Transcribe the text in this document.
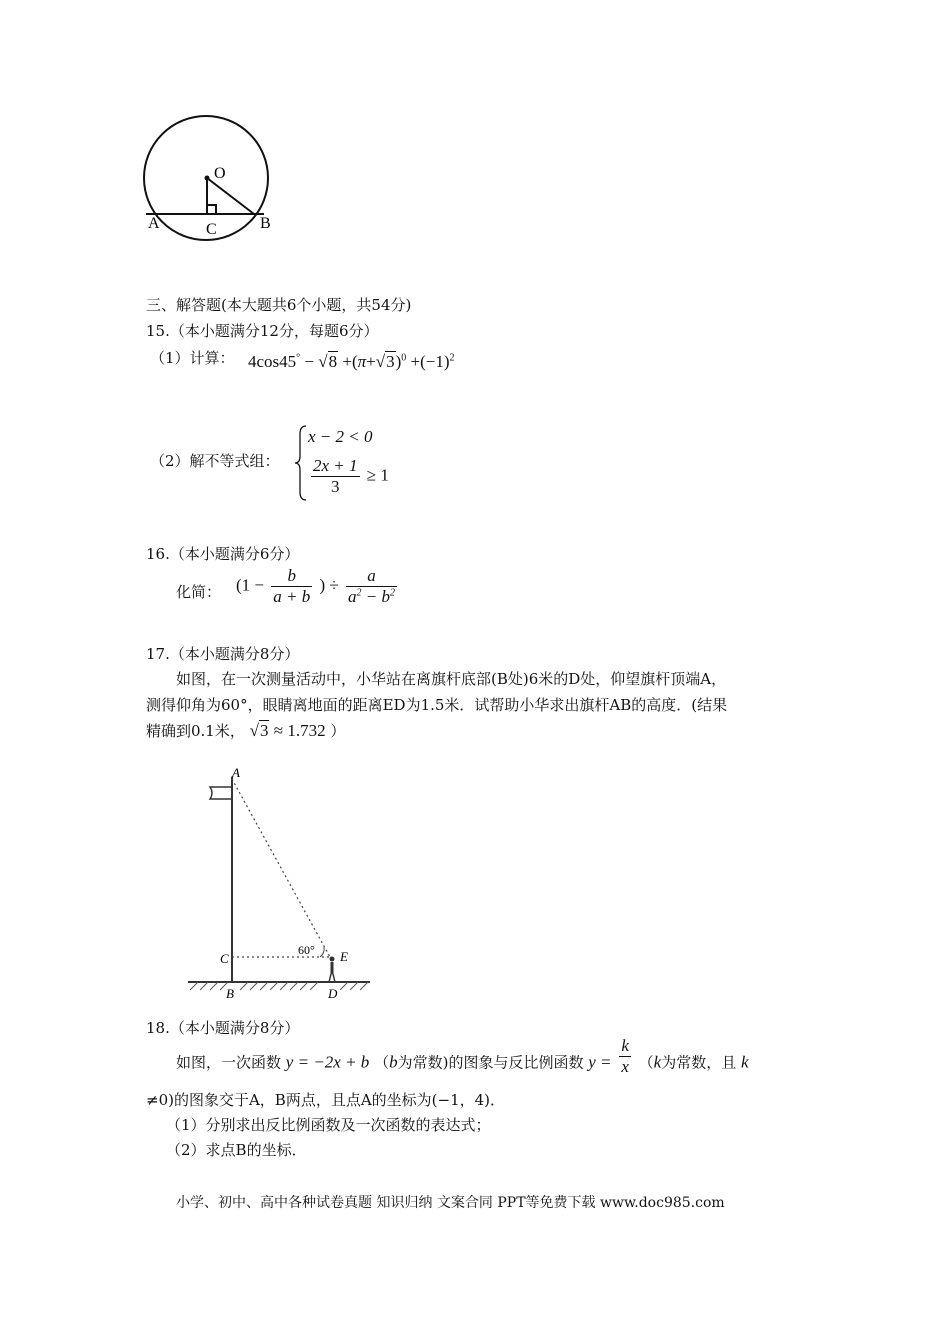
O
A	B
C
三、解答题(本大题共6个小题，共54分)
15.（本小题满分12分，每题6分）
（1）计算： $4\cos 45^\circ - √8 +(\pi+√3)^0 +(-1)^2$
（2）解不等式组：
x − 2 < 0
$\frac{2x + 1}{3} \ge 1$
16.（本小题满分6分）
化简： ($1 - \frac{b}{a + b}$ ) ÷ $\frac{a}{a^2 - b^2}$
17.（本小题满分8分）
如图，在一次测量活动中，小华站在离旗杆底部(B处)6米的D处，仰望旗杆顶端A，
测得仰角为60°，眼睛离地面的距离ED为1.5米．试帮助小华求出旗杆AB的高度．(结果
精确到0.1米， √3 ≈ 1.732 ）
A
C
B	D
E
60°
18.（本小题满分8分）
如图，一次函数 y = −2x + b （b为常数)的图象与反比例函数 $y = \frac{k}{x} (k$为常数，且 k
≠0)的图象交于A，B两点，且点A的坐标为(−1，4)．
（1）分别求出反比例函数及一次函数的表达式；
（2）求点B的坐标．
小学、初中、高中各种试卷真题 知识归纳 文案合同 PPT等免费下载 www.doc985.com
